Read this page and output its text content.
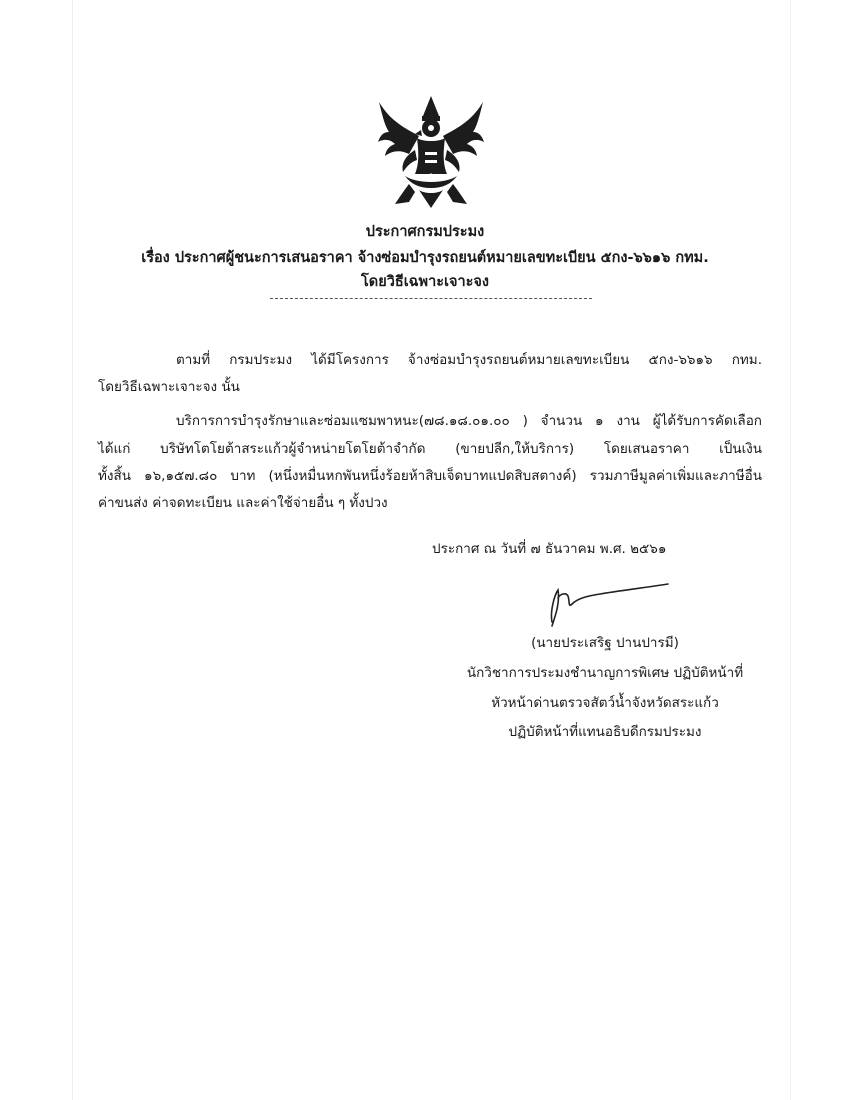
ประกาศกรมประมง
เรื่อง ประกาศผู้ชนะการเสนอราคา จ้างซ่อมบำรุงรถยนต์หมายเลขทะเบียน ๕กง-๖๖๑๖ กทม.
โดยวิธีเฉพาะเจาะจง
ตามที่ กรมประมง ได้มีโครงการ จ้างซ่อมบำรุงรถยนต์หมายเลขทะเบียน ๕กง-๖๖๑๖ กทม.
โดยวิธีเฉพาะเจาะจง นั้น
บริการการบำรุงรักษาและซ่อมแซมพาหนะ(๗๘.๑๘.๐๑.๐๐ ) จำนวน ๑ งาน ผู้ได้รับการคัดเลือก
ได้แก่ บริษัทโตโยต้าสระแก้วผู้จำหน่ายโตโยต้าจำกัด (ขายปลีก,ให้บริการ) โดยเสนอราคา เป็นเงิน
ทั้งสิ้น ๑๖,๑๕๗.๘๐ บาท (หนึ่งหมื่นหกพันหนึ่งร้อยห้าสิบเจ็ดบาทแปดสิบสตางค์) รวมภาษีมูลค่าเพิ่มและภาษีอื่น
ค่าขนส่ง ค่าจดทะเบียน และค่าใช้จ่ายอื่น ๆ ทั้งปวง
ประกาศ ณ วันที่ ๗ ธันวาคม พ.ศ. ๒๕๖๑
(นายประเสริฐ ปานปารมี)
นักวิชาการประมงชำนาญการพิเศษ ปฏิบัติหน้าที่
หัวหน้าด่านตรวจสัตว์น้ำจังหวัดสระแก้ว
ปฏิบัติหน้าที่แทนอธิบดีกรมประมง
